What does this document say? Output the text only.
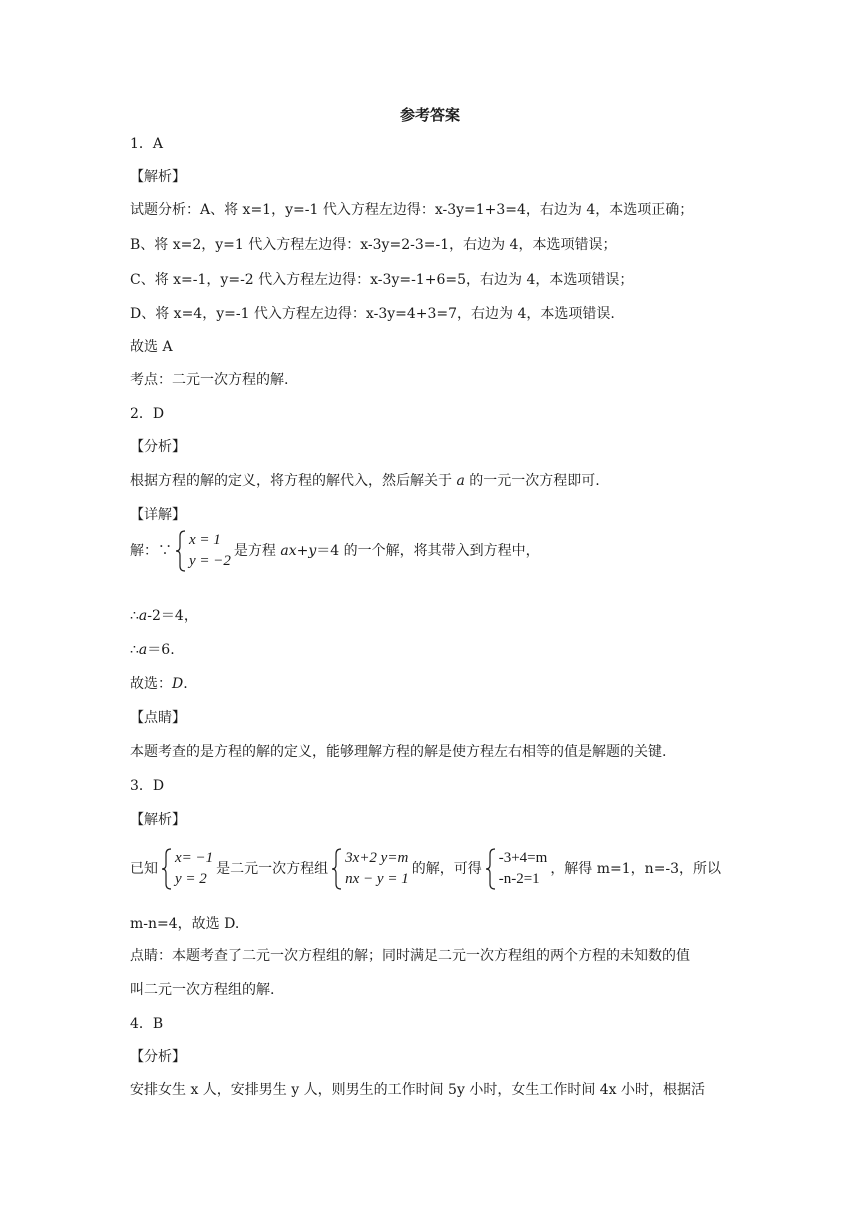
参考答案
1．A
【解析】
试题分析：A、将 x=1，y=-1 代入方程左边得：x-3y=1+3=4，右边为 4，本选项正确；
B、将 x=2，y=1 代入方程左边得：x-3y=2-3=-1，右边为 4，本选项错误；
C、将 x=-1，y=-2 代入方程左边得：x-3y=-1+6=5，右边为 4，本选项错误；
D、将 x=4，y=-1 代入方程左边得：x-3y=4+3=7，右边为 4，本选项错误.
故选 A
考点：二元一次方程的解.
2．D
【分析】
根据方程的解的定义，将方程的解代入，然后解关于 a 的一元一次方程即可.
【详解】
解：∵
x = 1
y = −2
是方程 ax+y＝4 的一个解，将其带入到方程中，
∴a-2＝4，
∴a＝6.
故选：D.
【点睛】
本题考查的是方程的解的定义，能够理解方程的解是使方程左右相等的值是解题的关键.
3．D
【解析】
已知
x= −1
y = 2
是二元一次方程组
3x+2 y=m
nx − y = 1
的解，可得
-3+4=m
-n-2=1
，解得 m=1，n=-3，所以
m-n=4，故选 D.
点睛：本题考查了二元一次方程组的解；同时满足二元一次方程组的两个方程的未知数的值
叫二元一次方程组的解.
4．B
【分析】
安排女生 x 人，安排男生 y 人，则男生的工作时间 5y 小时，女生工作时间 4x 小时，根据活
